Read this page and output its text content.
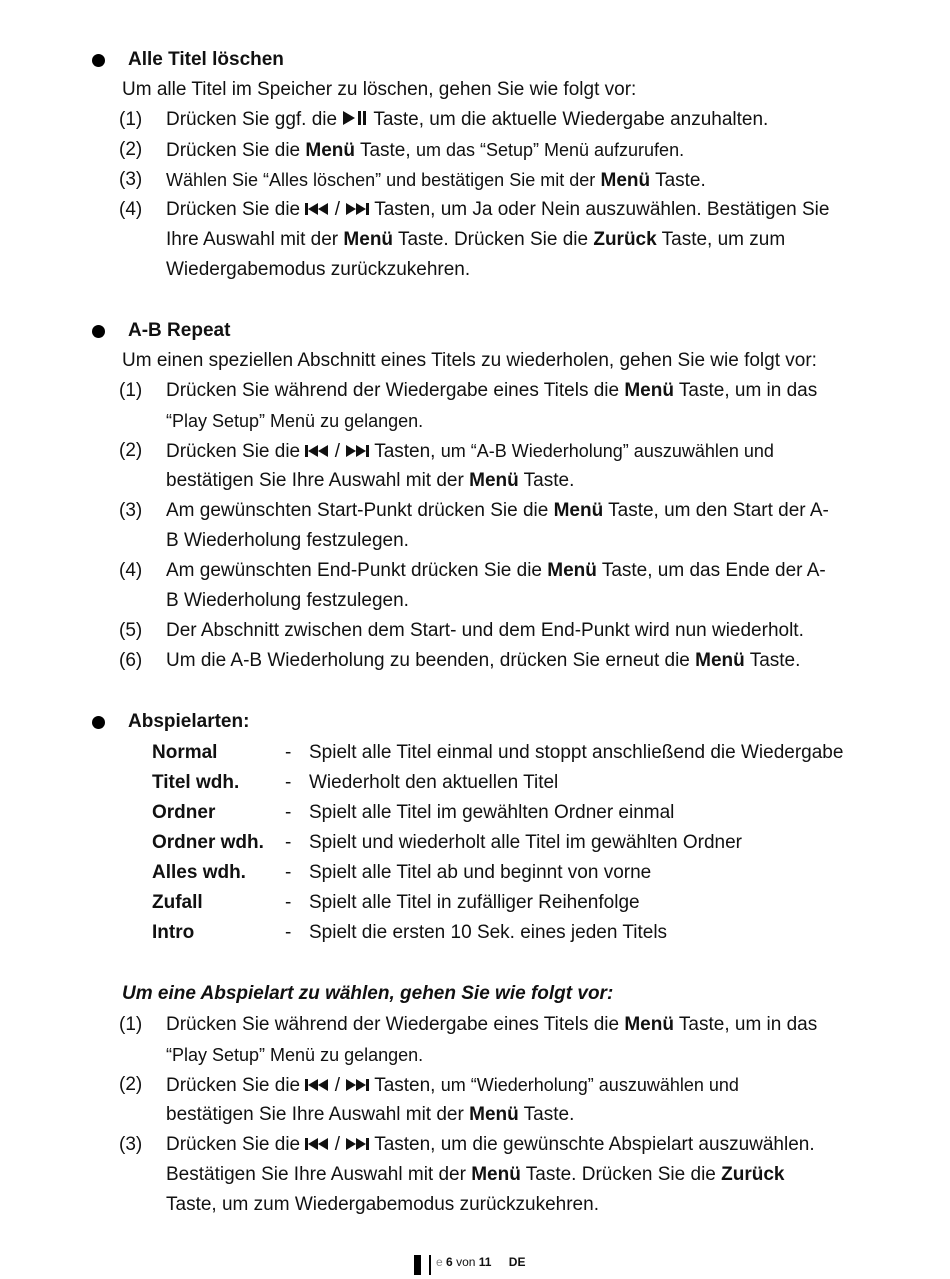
Alle Titel löschen
Um alle Titel im Speicher zu löschen, gehen Sie wie folgt vor:
(1) Drücken Sie ggf. die Taste, um die aktuelle Wiedergabe anzuhalten.
(2) Drücken Sie die Menü Taste, um das “Setup” Menü aufzurufen.
(3) Wählen Sie “Alles löschen” und bestätigen Sie mit der Menü Taste.
(4) Drücken Sie die / Tasten, um Ja oder Nein auszuwählen. Bestätigen Sie
Ihre Auswahl mit der Menü Taste. Drücken Sie die Zurück Taste, um zum
Wiedergabemodus zurückzukehren.
A-B Repeat
Um einen speziellen Abschnitt eines Titels zu wiederholen, gehen Sie wie folgt vor:
(1) Drücken Sie während der Wiedergabe eines Titels die Menü Taste, um in das
“Play Setup” Menü zu gelangen.
(2) Drücken Sie die / Tasten, um “A-B Wiederholung” auszuwählen und
bestätigen Sie Ihre Auswahl mit der Menü Taste.
(3) Am gewünschten Start-Punkt drücken Sie die Menü Taste, um den Start der A-
B Wiederholung festzulegen.
(4) Am gewünschten End-Punkt drücken Sie die Menü Taste, um das Ende der A-
B Wiederholung festzulegen.
(5) Der Abschnitt zwischen dem Start- und dem End-Punkt wird nun wiederholt.
(6) Um die A-B Wiederholung zu beenden, drücken Sie erneut die Menü Taste.
Abspielarten:
Normal	- Spielt alle Titel einmal und stoppt anschließend die Wiedergabe
Titel wdh. - Wiederholt den aktuellen Titel
Ordner	- Spielt alle Titel im gewählten Ordner einmal
Ordner wdh. - Spielt und wiederholt alle Titel im gewählten Ordner
Alles wdh. - Spielt alle Titel ab und beginnt von vorne
Zufall	- Spielt alle Titel in zufälliger Reihenfolge
Intro	- Spielt die ersten 10 Sek. eines jeden Titels
Um eine Abspielart zu wählen, gehen Sie wie folgt vor:
(1) Drücken Sie während der Wiedergabe eines Titels die Menü Taste, um in das
“Play Setup” Menü zu gelangen.
(2) Drücken Sie die / Tasten, um “Wiederholung” auszuwählen und
bestätigen Sie Ihre Auswahl mit der Menü Taste.
(3) Drücken Sie die / Tasten, um die gewünschte Abspielart auszuwählen.
Bestätigen Sie Ihre Auswahl mit der Menü Taste. Drücken Sie die Zurück
Taste, um zum Wiedergabemodus zurückzukehren.
e 6 von 11 DE
